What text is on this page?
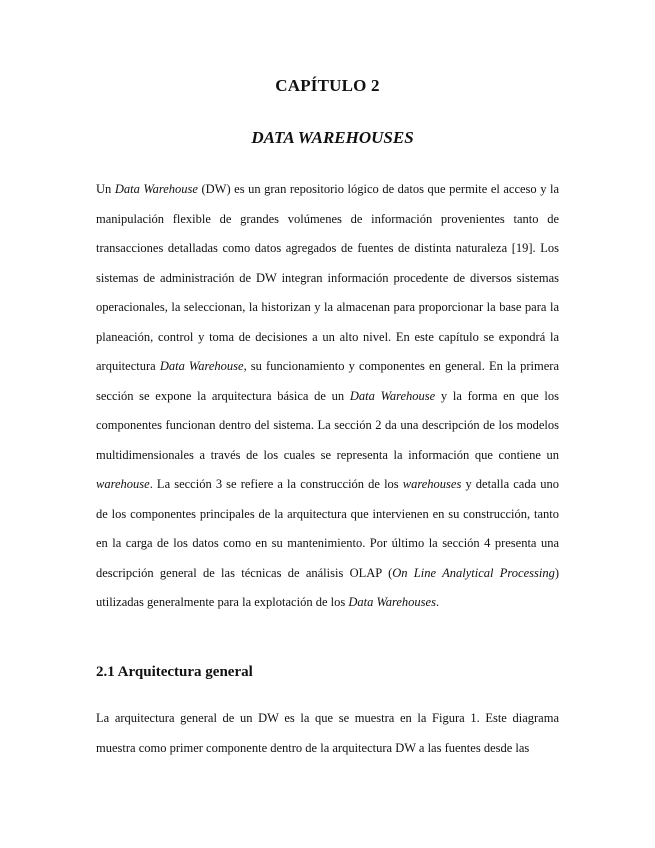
CAPÍTULO 2
DATA WAREHOUSES

Un Data Warehouse (DW) es un gran repositorio lógico de datos que permite el acceso y la manipulación flexible de grandes volúmenes de información provenientes tanto de transacciones detalladas como datos agregados de fuentes de distinta naturaleza [19]. Los sistemas de administración de DW integran información procedente de diversos sistemas operacionales, la seleccionan, la historizan y la almacenan para proporcionar la base para la planeación, control y toma de decisiones a un alto nivel. En este capítulo se expondrá la arquitectura Data Warehouse, su funcionamiento y componentes en general. En la primera sección se expone la arquitectura básica de un Data Warehouse y la forma en que los componentes funcionan dentro del sistema. La sección 2 da una descripción de los modelos multidimensionales a través de los cuales se representa la información que contiene un warehouse. La sección 3 se refiere a la construcción de los warehouses y detalla cada uno de los componentes principales de la arquitectura que intervienen en su construcción, tanto en la carga de los datos como en su mantenimiento. Por último la sección 4 presenta una descripción general de las técnicas de análisis OLAP (On Line Analytical Processing) utilizadas generalmente para la explotación de los Data Warehouses.

2.1 Arquitectura general

La arquitectura general de un DW es la que se muestra en la Figura 1. Este diagrama muestra como primer componente dentro de la arquitectura DW a las fuentes desde las
